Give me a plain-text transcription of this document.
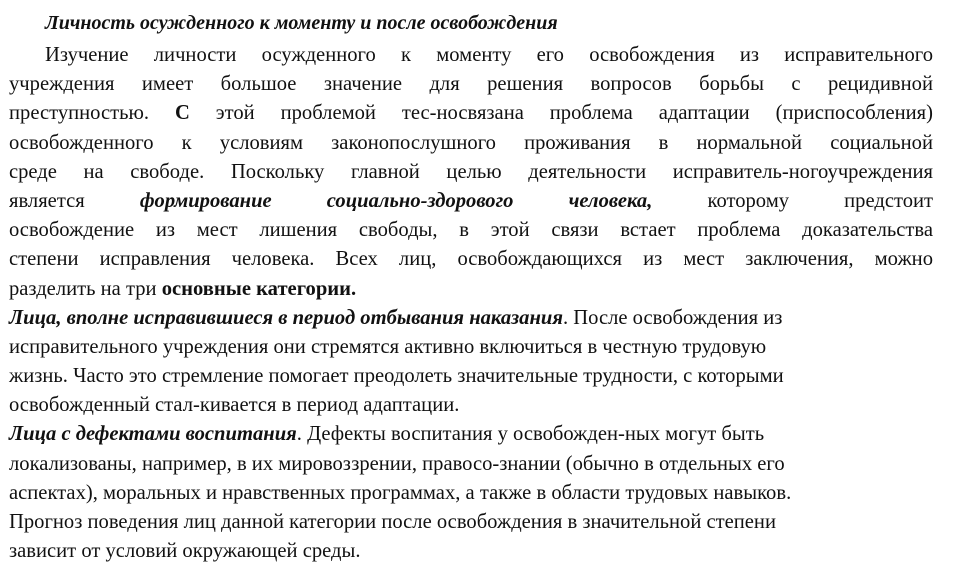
Личность осужденного к моменту и после освобождения
Изучение личности осужденного к моменту его освобождения из исправительного
учреждения имеет большое значение для решения вопросов борьбы с рецидивной
преступностью. С этой проблемой тес-носвязана проблема адаптации (приспособления)
освобожденного к условиям законопослушного проживания в нормальной социальной
среде на свободе. Поскольку главной целью деятельности исправитель-ногоучреждения
является формирование социально-здорового человека, которому предстоит
освобождение из мест лишения свободы, в этой связи встает проблема доказательства
степени исправления человека. Всех лиц, освобождающихся из мест заключения, можно
разделить на три основные категории.
Лица, вполне исправившиеся в период отбывания наказания. После освобождения из
исправительного учреждения они стремятся активно включиться в честную трудовую
жизнь. Часто это стремление помогает преодолеть значительные трудности, с которыми
освобожденный стал-кивается в период адаптации.
Лица с дефектами воспитания. Дефекты воспитания у освобожден-ных могут быть
локализованы, например, в их мировоззрении, правосо-знании (обычно в отдельных его
аспектах), моральных и нравственных программах, а также в области трудовых навыков.
Прогноз поведения лиц данной категории после освобождения в значительной степени
зависит от условий окружающей среды.
